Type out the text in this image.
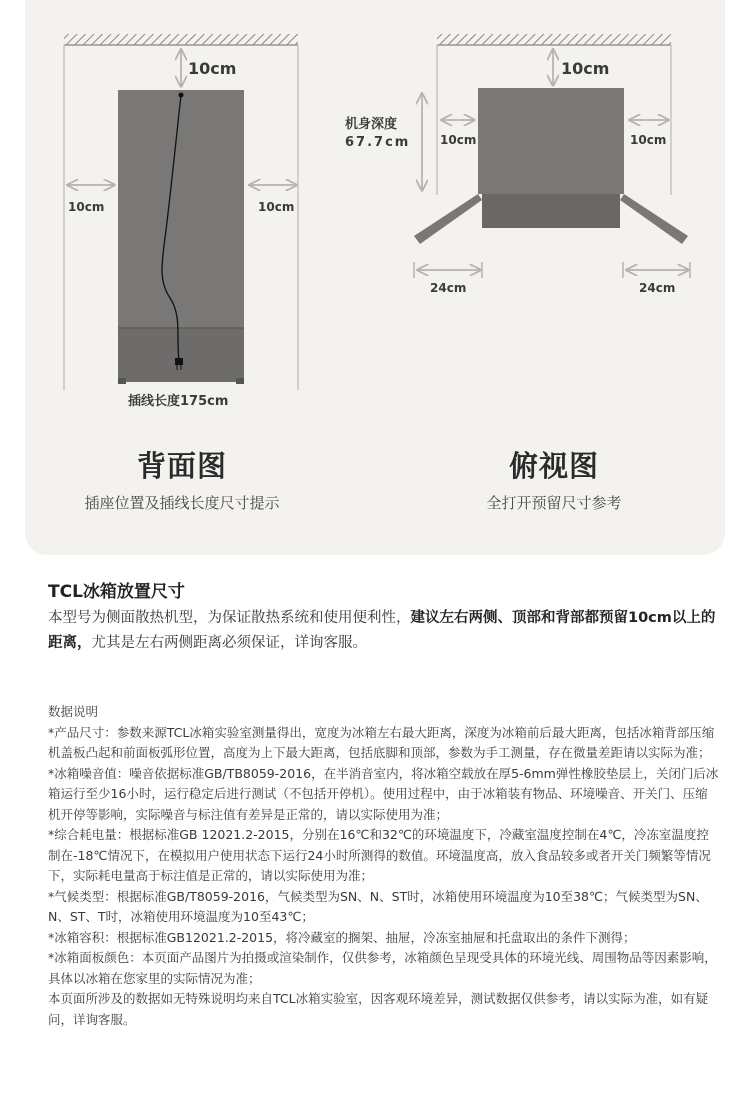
10cm
10cm	10cm
插线长度175cm
10cm
机身深度
67.7cm 10cm	10cm
24cm	24cm
背面图
插座位置及插线长度尺寸提示
俯视图
全打开预留尺寸参考
TCL冰箱放置尺寸
本型号为侧面散热机型，为保证散热系统和使用便利性，建议左右两侧、顶部和背部都预留10cm以上的距离，尤其是左右两侧距离必须保证，详询客服。

数据说明

*产品尺寸：参数来源TCL冰箱实验室测量得出，宽度为冰箱左右最大距离，深度为冰箱前后最大距离，包括冰箱背部压缩机盖板凸起和前面板弧形位置，高度为上下最大距离，包括底脚和顶部，参数为手工测量，存在微量差距请以实际为准；

*冰箱噪音值：噪音依据标准GB/TB8059-2016，在半消音室内，将冰箱空载放在厚5-6mm弹性橡胶垫层上，关闭门后冰箱运行至少16小时，运行稳定后进行测试（不包括开停机）。使用过程中，由于冰箱装有物品、环境噪音、开关门、压缩机开停等影响，实际噪音与标注值有差异是正常的，请以实际使用为准；

*综合耗电量：根据标准GB 12021.2-2015，分别在16℃和32℃的环境温度下，冷藏室温度控制在4℃，冷冻室温度控制在-18℃情况下，在模拟用户使用状态下运行24小时所测得的数值。环境温度高，放入食品较多或者开关门频繁等情况下，实际耗电量高于标注值是正常的，请以实际使用为准；

*气候类型：根据标准GB/T8059-2016，气候类型为SN、N、ST时，冰箱使用环境温度为10至38℃；气候类型为SN、N、ST、T时，冰箱使用环境温度为10至43℃；

*冰箱容积：根据标准GB12021.2-2015，将冷藏室的搁架、抽屉，冷冻室抽屉和托盘取出的条件下测得；

*冰箱面板颜色：本页面产品图片为拍摄或渲染制作，仅供参考，冰箱颜色呈现受具体的环境光线、周围物品等因素影响，具体以冰箱在您家里的实际情况为准；

本页面所涉及的数据如无特殊说明均来自TCL冰箱实验室，因客观环境差异，测试数据仅供参考，请以实际为准，如有疑问，详询客服。
